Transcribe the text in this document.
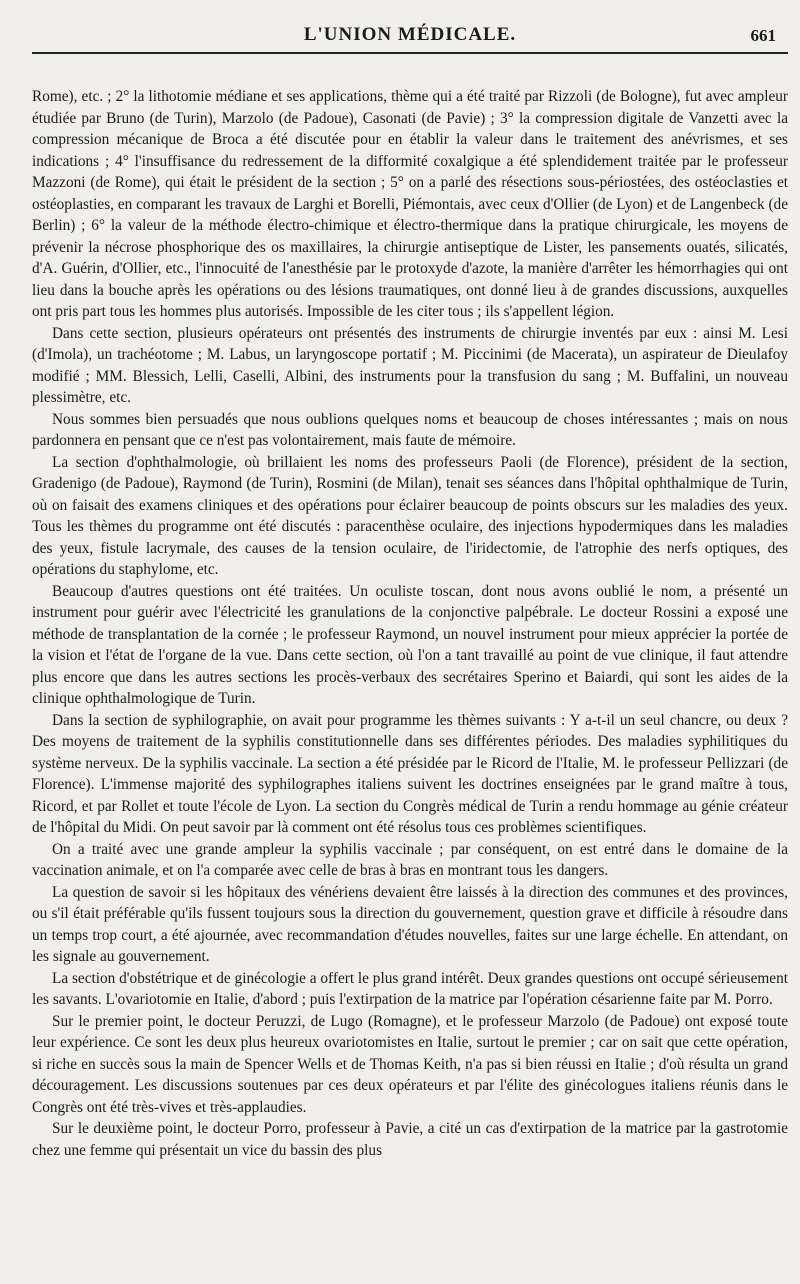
L'UNION MÉDICALE.	661

Rome), etc. ; 2° la lithotomie médiane et ses applications, thème qui a été traité par Rizzoli (de Bologne), fut avec ampleur étudiée par Bruno (de Turin), Marzolo (de Padoue), Casonati (de Pavie) ; 3° la compression digitale de Vanzetti avec la compression mécanique de Broca a été discutée pour en établir la valeur dans le traitement des anévrismes, et ses indications ; 4° l'insuffisance du redressement de la difformité coxalgique a été splendidement traitée par le professeur Mazzoni (de Rome), qui était le président de la section ; 5° on a parlé des résections sous-périostées, des ostéoclasties et ostéoplasties, en comparant les travaux de Larghi et Borelli, Piémontais, avec ceux d'Ollier (de Lyon) et de Langenbeck (de Berlin) ; 6° la valeur de la méthode électro-chimique et électro-thermique dans la pratique chirurgicale, les moyens de prévenir la nécrose phosphorique des os maxillaires, la chirurgie antiseptique de Lister, les pansements ouatés, silicatés, d'A. Guérin, d'Ollier, etc., l'innocuité de l'anesthésie par le protoxyde d'azote, la manière d'arrêter les hémorrhagies qui ont lieu dans la bouche après les opérations ou des lésions traumatiques, ont donné lieu à de grandes discussions, auxquelles ont pris part tous les hommes plus autorisés. Impossible de les citer tous ; ils s'appellent légion.

Dans cette section, plusieurs opérateurs ont présentés des instruments de chirurgie inventés par eux : ainsi M. Lesi (d'Imola), un trachéotome ; M. Labus, un laryngoscope portatif ; M. Piccinimi (de Macerata), un aspirateur de Dieulafoy modifié ; MM. Blessich, Lelli, Caselli, Albini, des instruments pour la transfusion du sang ; M. Buffalini, un nouveau plessimètre, etc.

Nous sommes bien persuadés que nous oublions quelques noms et beaucoup de choses intéressantes ; mais on nous pardonnera en pensant que ce n'est pas volontairement, mais faute de mémoire.

La section d'ophthalmologie, où brillaient les noms des professeurs Paoli (de Florence), président de la section, Gradenigo (de Padoue), Raymond (de Turin), Rosmini (de Milan), tenait ses séances dans l'hôpital ophthalmique de Turin, où on faisait des examens cliniques et des opérations pour éclairer beaucoup de points obscurs sur les maladies des yeux. Tous les thèmes du programme ont été discutés : paracenthèse oculaire, des injections hypodermiques dans les maladies des yeux, fistule lacrymale, des causes de la tension oculaire, de l'iridectomie, de l'atrophie des nerfs optiques, des opérations du staphylome, etc.

Beaucoup d'autres questions ont été traitées. Un oculiste toscan, dont nous avons oublié le nom, a présenté un instrument pour guérir avec l'électricité les granulations de la conjonctive palpébrale. Le docteur Rossini a exposé une méthode de transplantation de la cornée ; le professeur Raymond, un nouvel instrument pour mieux apprécier la portée de la vision et l'état de l'organe de la vue. Dans cette section, où l'on a tant travaillé au point de vue clinique, il faut attendre plus encore que dans les autres sections les procès-verbaux des secrétaires Sperino et Baiardi, qui sont les aides de la clinique ophthalmologique de Turin.

Dans la section de syphilographie, on avait pour programme les thèmes suivants : Y a-t-il un seul chancre, ou deux ? Des moyens de traitement de la syphilis constitutionnelle dans ses différentes périodes. Des maladies syphilitiques du système nerveux. De la syphilis vaccinale. La section a été présidée par le Ricord de l'Italie, M. le professeur Pellizzari (de Florence). L'immense majorité des syphilographes italiens suivent les doctrines enseignées par le grand maître à tous, Ricord, et par Rollet et toute l'école de Lyon. La section du Congrès médical de Turin a rendu hommage au génie créateur de l'hôpital du Midi. On peut savoir par là comment ont été résolus tous ces problèmes scientifiques.

On a traité avec une grande ampleur la syphilis vaccinale ; par conséquent, on est entré dans le domaine de la vaccination animale, et on l'a comparée avec celle de bras à bras en montrant tous les dangers.

La question de savoir si les hôpitaux des vénériens devaient être laissés à la direction des communes et des provinces, ou s'il était préférable qu'ils fussent toujours sous la direction du gouvernement, question grave et difficile à résoudre dans un temps trop court, a été ajournée, avec recommandation d'études nouvelles, faites sur une large échelle. En attendant, on les signale au gouvernement.

La section d'obstétrique et de ginécologie a offert le plus grand intérêt. Deux grandes questions ont occupé sérieusement les savants. L'ovariotomie en Italie, d'abord ; puis l'extirpation de la matrice par l'opération césarienne faite par M. Porro.

Sur le premier point, le docteur Peruzzi, de Lugo (Romagne), et le professeur Marzolo (de Padoue) ont exposé toute leur expérience. Ce sont les deux plus heureux ovariotomistes en Italie, surtout le premier ; car on sait que cette opération, si riche en succès sous la main de Spencer Wells et de Thomas Keith, n'a pas si bien réussi en Italie ; d'où résulta un grand découragement. Les discussions soutenues par ces deux opérateurs et par l'élite des ginécologues italiens réunis dans le Congrès ont été très-vives et très-applaudies.

Sur le deuxième point, le docteur Porro, professeur à Pavie, a cité un cas d'extirpation de la matrice par la gastrotomie chez une femme qui présentait un vice du bassin des plus
